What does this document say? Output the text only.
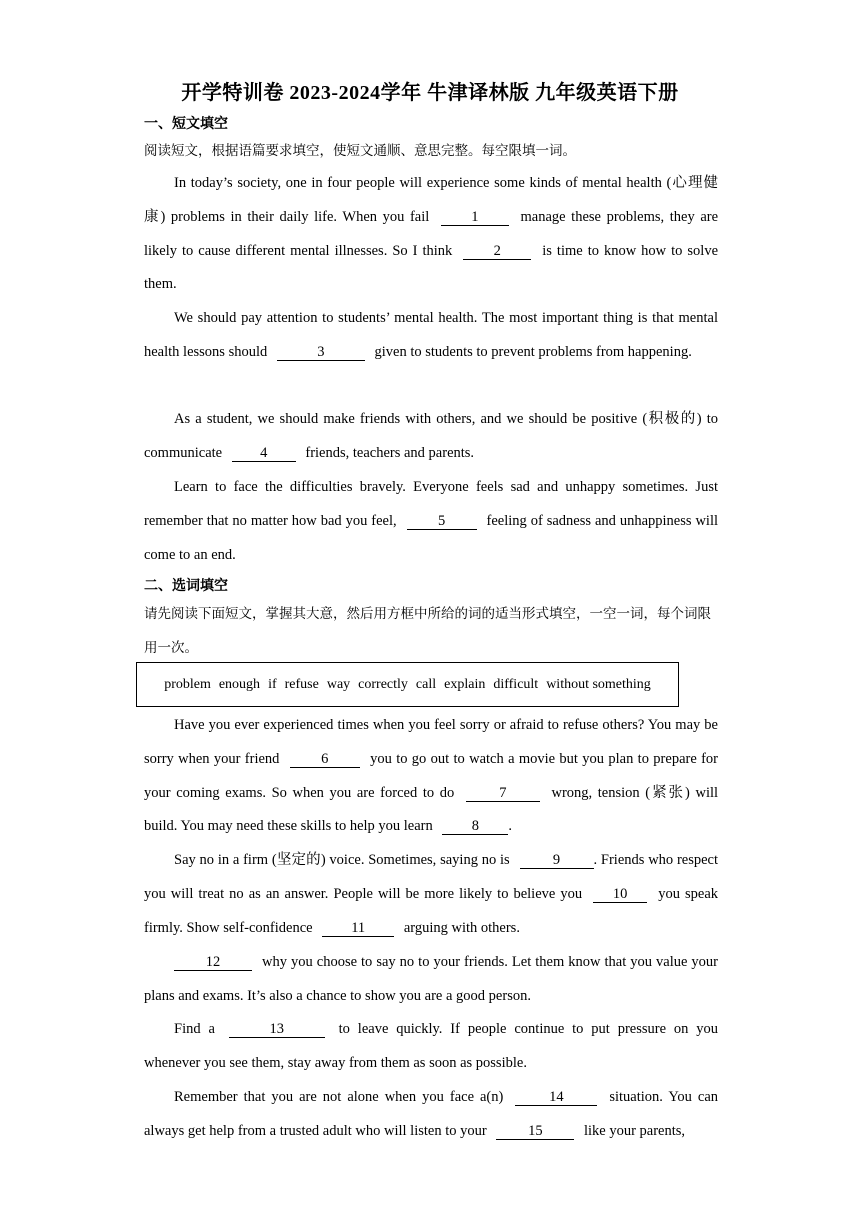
开学特训卷 2023-2024学年 牛津译林版 九年级英语下册
一、短文填空
阅读短文，根据语篇要求填空，使短文通顺、意思完整。每空限填一词。
In today’s society, one in four people will experience some kinds of mental health (心理健康) problems in their daily life. When you fail	1	manage these problems, they are likely to cause different mental illnesses. So I think	2	is time to know how to solve them.
We should pay attention to students’ mental health. The most important thing is that mental health lessons should	3	given to students to prevent problems from happening.
As a student, we should make friends with others, and we should be positive (积极的) to communicate	4	friends, teachers and parents.
Learn to face the difficulties bravely. Everyone feels sad and unhappy sometimes. Just remember that no matter how bad you feel,	5	feeling of sadness and unhappiness will come to an end.
二、选词填空
请先阅读下面短文，掌握其大意，然后用方框中所给的词的适当形式填空，一空一词，每个词限用一次。
problem enough if refuse way correctly call explain difficult without something
Have you ever experienced times when you feel sorry or afraid to refuse others? You may be sorry when your friend	6	you to go out to watch a movie but you plan to prepare for your coming exams. So when you are forced to do	7	wrong, tension (紧张) will build. You may need these skills to help you learn	8 .
Say no in a firm (坚定的) voice. Sometimes, saying no is	9 . Friends who respect you will treat no as an answer. People will be more likely to believe you 10 you speak firmly. Show self-confidence	11	arguing with others.
12	why you choose to say no to your friends. Let them know that you value your plans and exams. It’s also a chance to show you are a good person.
Find a	13	to leave quickly. If people continue to put pressure on you whenever you see them, stay away from them as soon as possible.
Remember that you are not alone when you face a(n)	14	situation. You can always get help from a trusted adult who will listen to your	15	like your parents,
